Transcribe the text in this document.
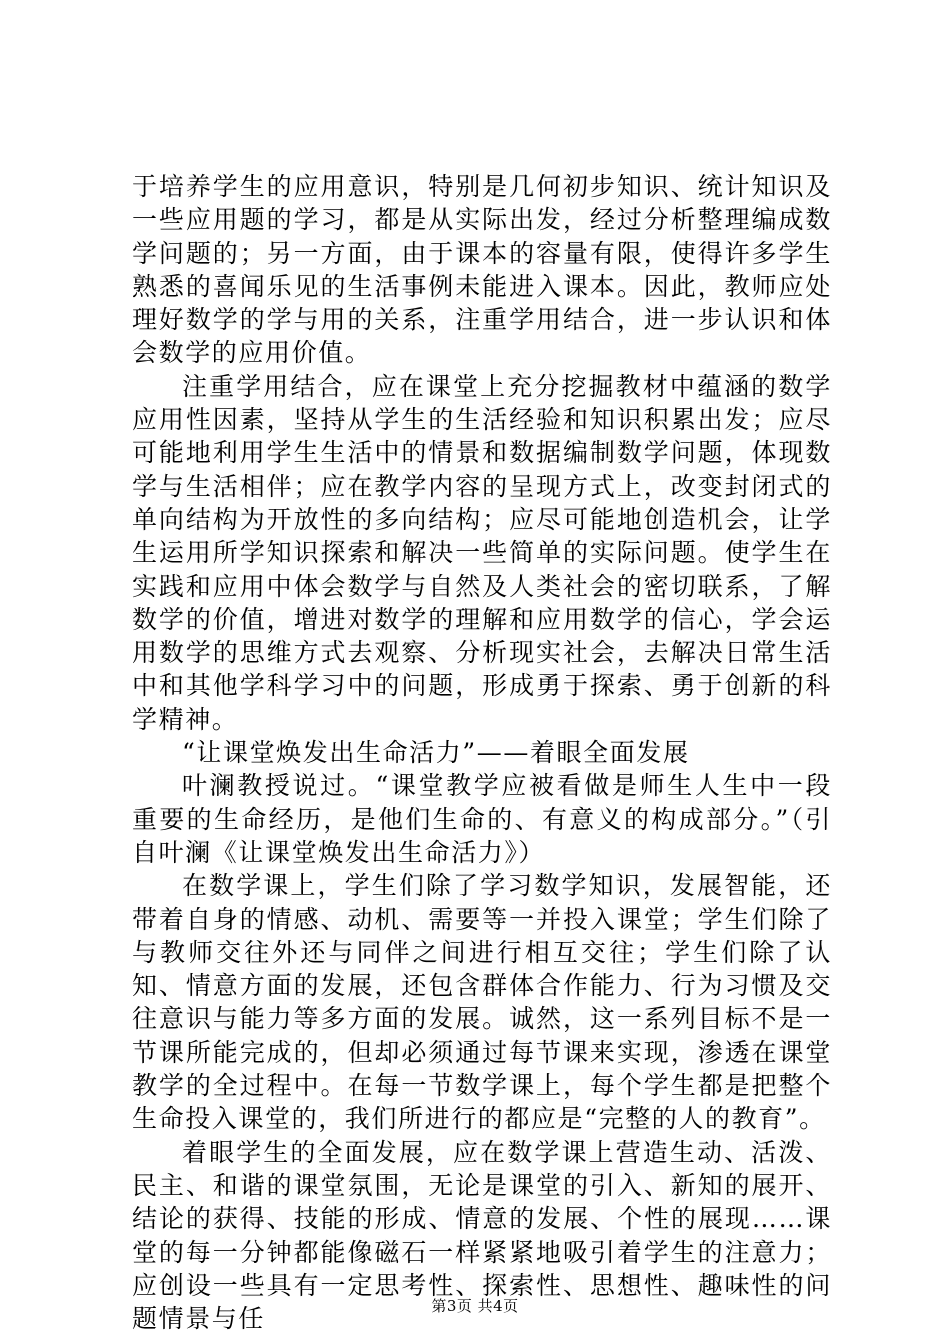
于培养学生的应用意识，特别是几何初步知识、统计知识及一些应用题的学习，都是从实际出发，经过分析整理编成数学问题的；另一方面，由于课本的容量有限，使得许多学生熟悉的喜闻乐见的生活事例未能进入课本。因此，教师应处理好数学的学与用的关系，注重学用结合，进一步认识和体会数学的应用价值。

注重学用结合，应在课堂上充分挖掘教材中蕴涵的数学应用性因素，坚持从学生的生活经验和知识积累出发；应尽可能地利用学生生活中的情景和数据编制数学问题，体现数学与生活相伴；应在教学内容的呈现方式上，改变封闭式的单向结构为开放性的多向结构；应尽可能地创造机会，让学生运用所学知识探索和解决一些简单的实际问题。使学生在实践和应用中体会数学与自然及人类社会的密切联系，了解数学的价值，增进对数学的理解和应用数学的信心，学会运用数学的思维方式去观察、分析现实社会，去解决日常生活中和其他学科学习中的问题，形成勇于探索、勇于创新的科学精神。

“让课堂焕发出生命活力”——着眼全面发展

叶澜教授说过。“课堂教学应被看做是师生人生中一段重要的生命经历，是他们生命的、有意义的构成部分。”（引自叶澜《让课堂焕发出生命活力》）

在数学课上，学生们除了学习数学知识，发展智能，还带着自身的情感、动机、需要等一并投入课堂；学生们除了与教师交往外还与同伴之间进行相互交往；学生们除了认知、情意方面的发展，还包含群体合作能力、行为习惯及交往意识与能力等多方面的发展。诚然，这一系列目标不是一节课所能完成的，但却必须通过每节课来实现，渗透在课堂教学的全过程中。在每一节数学课上，每个学生都是把整个生命投入课堂的，我们所进行的都应是“完整的人的教育”。

着眼学生的全面发展，应在数学课上营造生动、活泼、民主、和谐的课堂氛围，无论是课堂的引入、新知的展开、结论的获得、技能的形成、情意的发展、个性的展现……课堂的每一分钟都能像磁石一样紧紧地吸引着学生的注意力；应创设一些具有一定思考性、探索性、思想性、趣味性的问题情景与任	第3页 共4页
